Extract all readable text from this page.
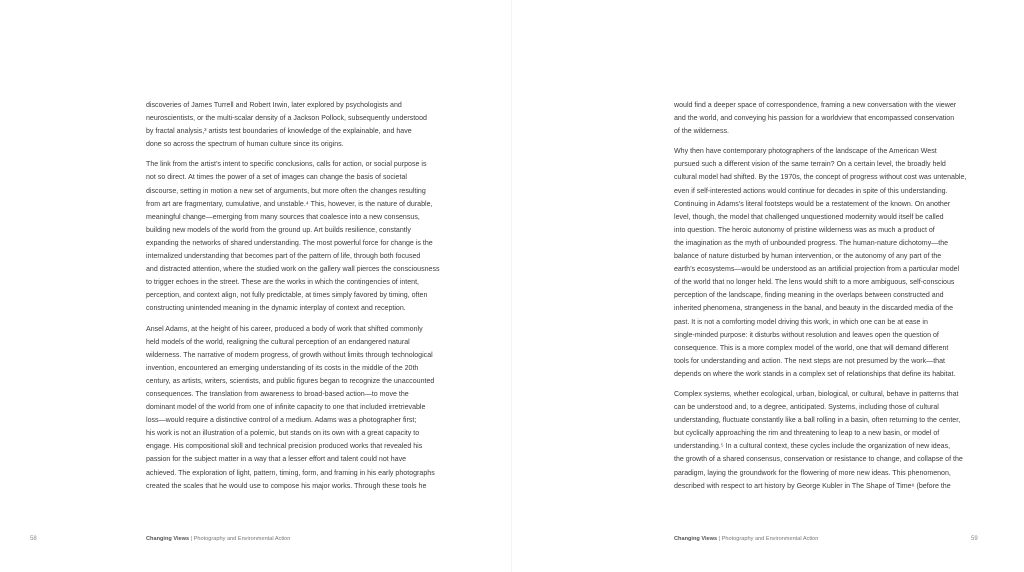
discoveries of James Turrell and Robert Irwin, later explored by psychologists and
neuroscientists, or the multi-scalar density of a Jackson Pollock, subsequently understood
by fractal analysis,³ artists test boundaries of knowledge of the explainable, and have
done so across the spectrum of human culture since its origins.
The link from the artist’s intent to specific conclusions, calls for action, or social purpose is
not so direct. At times the power of a set of images can change the basis of societal
discourse, setting in motion a new set of arguments, but more often the changes resulting
from art are fragmentary, cumulative, and unstable.⁴ This, however, is the nature of durable,
meaningful change—emerging from many sources that coalesce into a new consensus,
building new models of the world from the ground up. Art builds resilience, constantly
expanding the networks of shared understanding. The most powerful force for change is the
internalized understanding that becomes part of the pattern of life, through both focused
and distracted attention, where the studied work on the gallery wall pierces the consciousness
to trigger echoes in the street. These are the works in which the contingencies of intent,
perception, and context align, not fully predictable, at times simply favored by timing, often
constructing unintended meaning in the dynamic interplay of context and reception.
Ansel Adams, at the height of his career, produced a body of work that shifted commonly
held models of the world, realigning the cultural perception of an endangered natural
wilderness. The narrative of modern progress, of growth without limits through technological
invention, encountered an emerging understanding of its costs in the middle of the 20th
century, as artists, writers, scientists, and public figures began to recognize the unaccounted
consequences. The translation from awareness to broad-based action—to move the
dominant model of the world from one of infinite capacity to one that included irretrievable
loss—would require a distinctive control of a medium. Adams was a photographer first;
his work is not an illustration of a polemic, but stands on its own with a great capacity to
engage. His compositional skill and technical precision produced works that revealed his
passion for the subject matter in a way that a lesser effort and talent could not have
achieved. The exploration of light, pattern, timing, form, and framing in his early photographs
created the scales that he would use to compose his major works. Through these tools he
58	Changing Views | Photography and Environmental Action
would find a deeper space of correspondence, framing a new conversation with the viewer
and the world, and conveying his passion for a worldview that encompassed conservation
of the wilderness.
Why then have contemporary photographers of the landscape of the American West
pursued such a different vision of the same terrain? On a certain level, the broadly held
cultural model had shifted. By the 1970s, the concept of progress without cost was untenable,
even if self-interested actions would continue for decades in spite of this understanding.
Continuing in Adams’s literal footsteps would be a restatement of the known. On another
level, though, the model that challenged unquestioned modernity would itself be called
into question. The heroic autonomy of pristine wilderness was as much a product of
the imagination as the myth of unbounded progress. The human-nature dichotomy—the
balance of nature disturbed by human intervention, or the autonomy of any part of the
earth’s ecosystems—would be understood as an artificial projection from a particular model
of the world that no longer held. The lens would shift to a more ambiguous, self-conscious
perception of the landscape, finding meaning in the overlaps between constructed and
inherited phenomena, strangeness in the banal, and beauty in the discarded media of the
past. It is not a comforting model driving this work, in which one can be at ease in
single-minded purpose: it disturbs without resolution and leaves open the question of
consequence. This is a more complex model of the world, one that will demand different
tools for understanding and action. The next steps are not presumed by the work—that
depends on where the work stands in a complex set of relationships that define its habitat.
Complex systems, whether ecological, urban, biological, or cultural, behave in patterns that
can be understood and, to a degree, anticipated. Systems, including those of cultural
understanding, fluctuate constantly like a ball rolling in a basin, often returning to the center,
but cyclically approaching the rim and threatening to leap to a new basin, or model of
understanding.⁵ In a cultural context, these cycles include the organization of new ideas,
the growth of a shared consensus, conservation or resistance to change, and collapse of the
paradigm, laying the groundwork for the flowering of more new ideas. This phenomenon,
described with respect to art history by George Kubler in The Shape of Time⁶ (before the
Changing Views | Photography and Environmental Action	59
